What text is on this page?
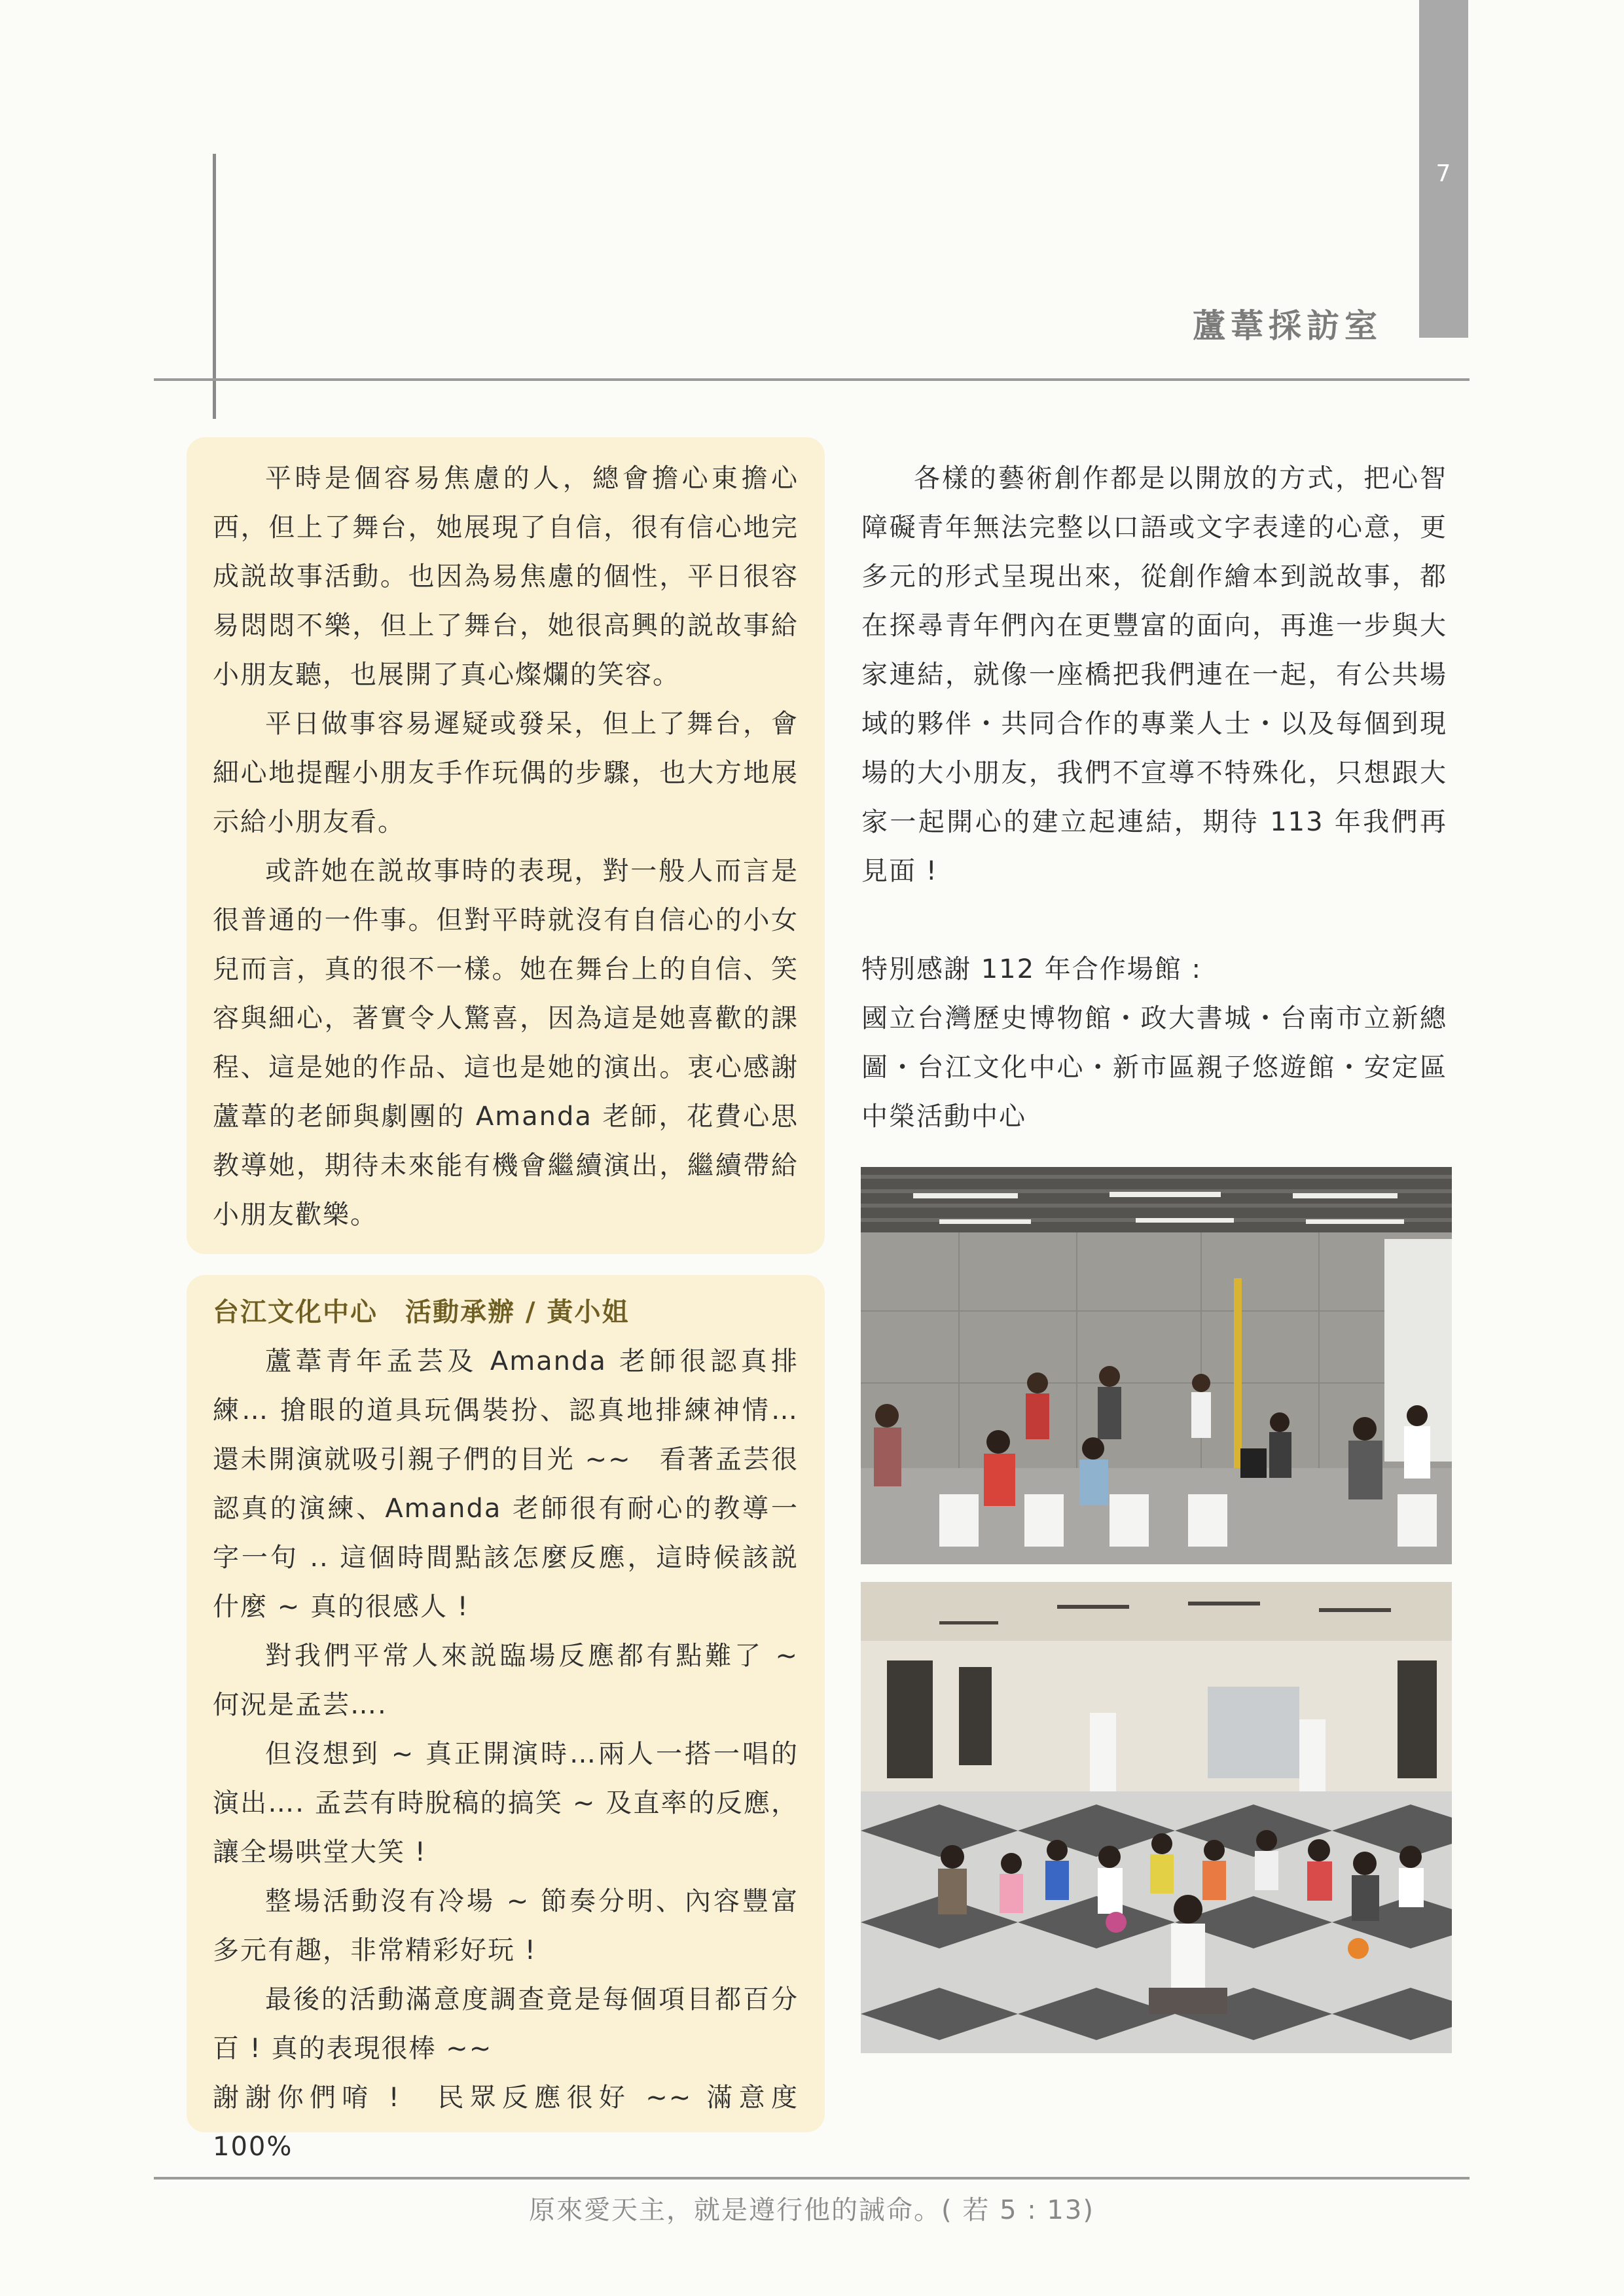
7
蘆葦採訪室

平時是個容易焦慮的人，總會擔心東擔心西，但上了舞台，她展現了自信，很有信心地完成説故事活動。也因為易焦慮的個性，平日很容易悶悶不樂，但上了舞台，她很高興的説故事給小朋友聽，也展開了真心燦爛的笑容。

平日做事容易遲疑或發呆，但上了舞台，會細心地提醒小朋友手作玩偶的步驟，也大方地展示給小朋友看。

或許她在説故事時的表現，對一般人而言是很普通的一件事。但對平時就沒有自信心的小女兒而言，真的很不一樣。她在舞台上的自信、笑容與細心，著實令人驚喜，因為這是她喜歡的課程、這是她的作品、這也是她的演出。衷心感謝蘆葦的老師與劇團的 Amanda 老師，花費心思教導她，期待未來能有機會繼續演出，繼續帶給小朋友歡樂。

台江文化中心　活動承辦 / 黃小姐

蘆葦青年孟芸及 Amanda 老師很認真排練… 搶眼的道具玩偶裝扮、認真地排練神情…還未開演就吸引親子們的目光 ~~　看著孟芸很認真的演練、Amanda 老師很有耐心的教導一字一句 .. 這個時間點該怎麼反應，這時候該説什麼 ~ 真的很感人 !

對我們平常人來説臨場反應都有點難了 ~ 何況是孟芸….

但沒想到 ~ 真正開演時…兩人一搭一唱的演出…. 孟芸有時脫稿的搞笑 ~ 及直率的反應，讓全場哄堂大笑 !

整場活動沒有冷場 ~ 節奏分明、內容豐富多元有趣，非常精彩好玩 !

最後的活動滿意度調查竟是每個項目都百分百 ! 真的表現很棒 ~~

謝謝你們唷 !　民眾反應很好 ~~ 滿意度 100%

各樣的藝術創作都是以開放的方式，把心智障礙青年無法完整以口語或文字表達的心意，更多元的形式呈現出來，從創作繪本到説故事，都在探尋青年們內在更豐富的面向，再進一步與大家連結，就像一座橋把我們連在一起，有公共場域的夥伴・共同合作的專業人士・以及每個到現場的大小朋友，我們不宣導不特殊化，只想跟大家一起開心的建立起連結，期待 113 年我們再見面 !

特別感謝 112 年合作場館 :

國立台灣歷史博物館・政大書城・台南市立新總圖・台江文化中心・新市區親子悠遊館・安定區中榮活動中心

原來愛天主，就是遵行他的誡命。( 若 5 : 13)
